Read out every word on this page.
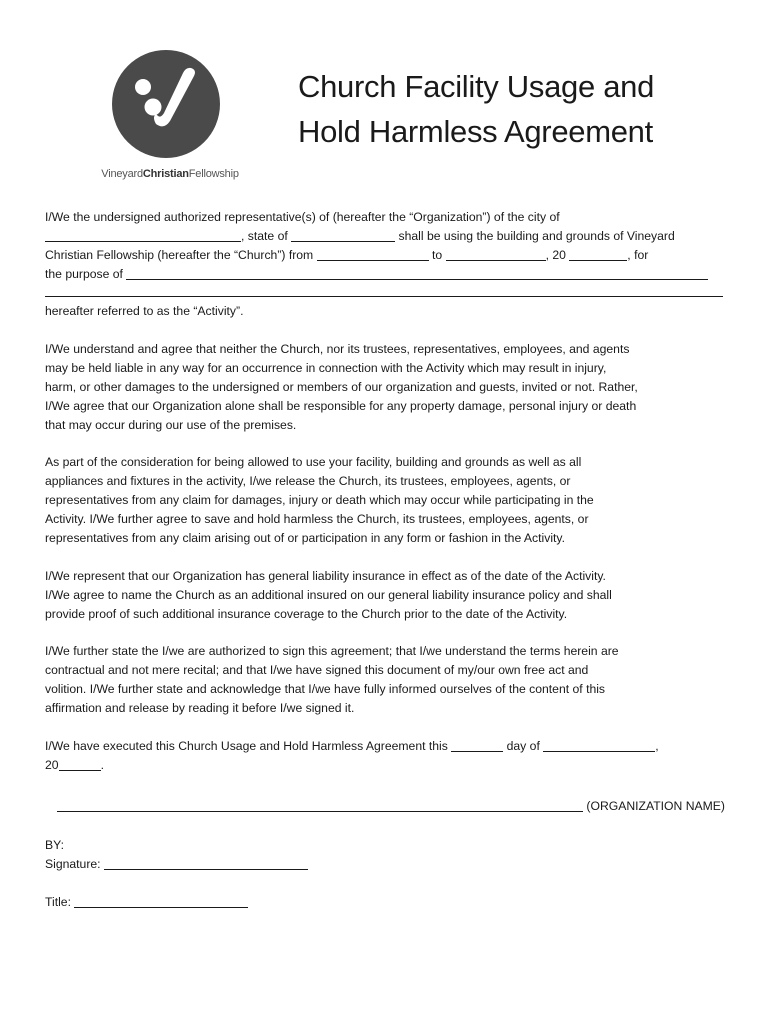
VineyardChristianFellowship
Church Facility Usage and
Hold Harmless Agreement
I/We the undersigned authorized representative(s) of (hereafter the “Organization”) of the city of
, state of	shall be using the building and grounds of Vineyard
Christian Fellowship (hereafter the “Church”) from	to	, 20	, for
the purpose of
hereafter referred to as the “Activity”.
I/We understand and agree that neither the Church, nor its trustees, representatives, employees, and agents
may be held liable in any way for an occurrence in connection with the Activity which may result in injury,
harm, or other damages to the undersigned or members of our organization and guests, invited or not. Rather,
I/We agree that our Organization alone shall be responsible for any property damage, personal injury or death
that may occur during our use of the premises.
As part of the consideration for being allowed to use your facility, building and grounds as well as all
appliances and fixtures in the activity, I/we release the Church, its trustees, employees, agents, or
representatives from any claim for damages, injury or death which may occur while participating in the
Activity. I/We further agree to save and hold harmless the Church, its trustees, employees, agents, or
representatives from any claim arising out of or participation in any form or fashion in the Activity.
I/We represent that our Organization has general liability insurance in effect as of the date of the Activity.
I/We agree to name the Church as an additional insured on our general liability insurance policy and shall
provide proof of such additional insurance coverage to the Church prior to the date of the Activity.
I/We further state the I/we are authorized to sign this agreement; that I/we understand the terms herein are
contractual and not mere recital; and that I/we have signed this document of my/our own free act and
volition. I/We further state and acknowledge that I/we have fully informed ourselves of the content of this
affirmation and release by reading it before I/we signed it.
I/We have executed this Church Usage and Hold Harmless Agreement this	day of	,
20	.
(ORGANIZATION NAME)
BY:
Signature:
Title:
